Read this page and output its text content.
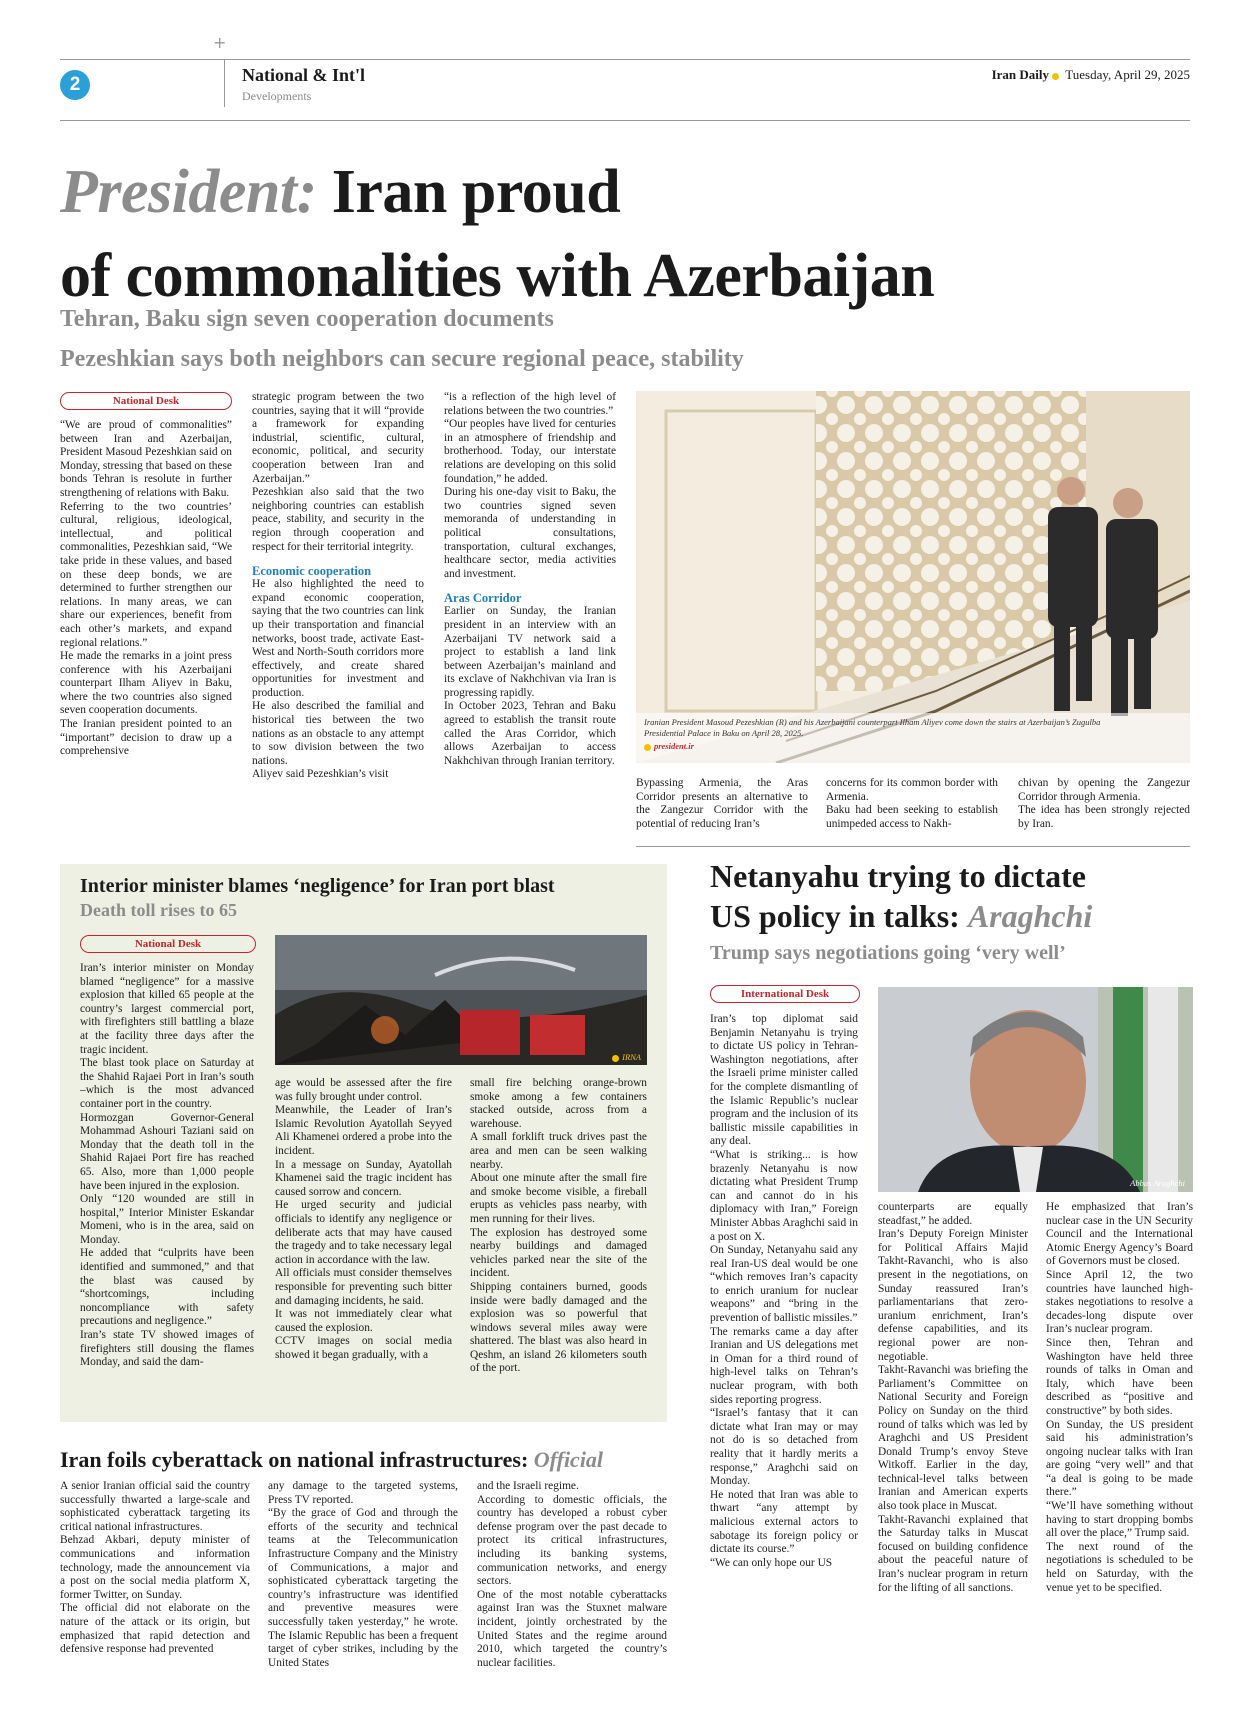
+
2	National & Int'l
Developments
Iran Daily Tuesday, April 29, 2025
President: Iran proud
of commonalities with Azerbaijan
Tehran, Baku sign seven cooperation documents
Pezeshkian says both neighbors can secure regional peace, stability
National Desk

“We are proud of commonalities” between Iran and Azerbaijan, President Masoud Pezeshkian said on Monday, stressing that based on these bonds Tehran is resolute in further strengthening of relations with Baku.

Referring to the two countries’ cultural, religious, ideological, intellectual, and political commonalities, Pezeshkian said, “We take pride in these values, and based on these deep bonds, we are determined to further strengthen our relations. In many areas, we can share our experiences, benefit from each other’s markets, and expand regional relations.”

He made the remarks in a joint press conference with his Azerbaijani counterpart Ilham Aliyev in Baku, where the two countries also signed seven cooperation documents.

The Iranian president pointed to an “important” decision to draw up a comprehensive

strategic program between the two countries, saying that it will “provide a framework for expanding industrial, scientific, cultural, economic, political, and security cooperation between Iran and Azerbaijan.”

Pezeshkian also said that the two neighboring countries can establish peace, stability, and security in the region through cooperation and respect for their territorial integrity.

Economic cooperation

He also highlighted the need to expand economic cooperation, saying that the two countries can link up their transportation and financial networks, boost trade, activate East-West and North-South corridors more effectively, and create shared opportunities for investment and production.

He also described the familial and historical ties between the two nations as an obstacle to any attempt to sow division between the two nations.

Aliyev said Pezeshkian’s visit

“is a reflection of the high level of relations between the two countries.”

“Our peoples have lived for centuries in an atmosphere of friendship and brotherhood. Today, our interstate relations are developing on this solid foundation,” he added.

During his one-day visit to Baku, the two countries signed seven memoranda of understanding in political consultations, transportation, cultural exchanges, healthcare sector, media activities and investment.

Aras Corridor

Earlier on Sunday, the Iranian president in an interview with an Azerbaijani TV network said a project to establish a land link between Azerbaijan’s mainland and its exclave of Nakhchivan via Iran is progressing rapidly.

In October 2023, Tehran and Baku agreed to establish the transit route called the Aras Corridor, which allows Azerbaijan to access Nakhchivan through Iranian territory.

Iranian President Masoud Pezeshkian (R) and his Azerbaijani counterpart Ilham Aliyev come down the stairs at Azerbaijan’s Zugulba Presidential Palace in Baku on April 28, 2025.
president.ir

Bypassing Armenia, the Aras Corridor presents an alternative to the Zangezur Corridor with the potential of reducing Iran’s

concerns for its common border with Armenia.

Baku had been seeking to establish unimpeded access to Nakh-

chivan by opening the Zangezur Corridor through Armenia.

The idea has been strongly rejected by Iran.

Interior minister blames ‘negligence’ for Iran port blast
Death toll rises to 65
National Desk
IRNA

Iran’s interior minister on Monday blamed “negligence” for a massive explosion that killed 65 people at the country’s largest commercial port, with firefighters still battling a blaze at the facility three days after the tragic incident.

The blast took place on Saturday at the Shahid Rajaei Port in Iran’s south –which is the most advanced container port in the country.

Hormozgan Governor-General Mohammad Ashouri Taziani said on Monday that the death toll in the Shahid Rajaei Port fire has reached 65. Also, more than 1,000 people have been injured in the explosion.

Only “120 wounded are still in hospital,” Interior Minister Eskandar Momeni, who is in the area, said on Monday.

He added that “culprits have been identified and summoned,” and that the blast was caused by “shortcomings, including noncompliance with safety precautions and negligence.”

Iran’s state TV showed images of firefighters still dousing the flames Monday, and said the dam-

age would be assessed after the fire was fully brought under control.

Meanwhile, the Leader of Iran’s Islamic Revolution Ayatollah Seyyed Ali Khamenei ordered a probe into the incident.

In a message on Sunday, Ayatollah Khamenei said the tragic incident has caused sorrow and concern.

He urged security and judicial officials to identify any negligence or deliberate acts that may have caused the tragedy and to take necessary legal action in accordance with the law.

All officials must consider themselves responsible for preventing such bitter and damaging incidents, he said.

It was not immediately clear what caused the explosion.

CCTV images on social media showed it began gradually, with a

small fire belching orange-brown smoke among a few containers stacked outside, across from a warehouse.

A small forklift truck drives past the area and men can be seen walking nearby.

About one minute after the small fire and smoke become visible, a fireball erupts as vehicles pass nearby, with men running for their lives.

The explosion has destroyed some nearby buildings and damaged vehicles parked near the site of the incident.

Shipping containers burned, goods inside were badly damaged and the explosion was so powerful that windows several miles away were shattered. The blast was also heard in Qeshm, an island 26 kilometers south of the port.

Iran foils cyberattack on national infrastructures: Official

A senior Iranian official said the country successfully thwarted a large-scale and sophisticated cyberattack targeting its critical national infrastructures.

Behzad Akbari, deputy minister of communications and information technology, made the announcement via a post on the social media platform X, former Twitter, on Sunday.

The official did not elaborate on the nature of the attack or its origin, but emphasized that rapid detection and defensive response had prevented

any damage to the targeted systems, Press TV reported.

“By the grace of God and through the efforts of the security and technical teams at the Telecommunication Infrastructure Company and the Ministry of Communications, a major and sophisticated cyberattack targeting the country’s infrastructure was identified and preventive measures were successfully taken yesterday,” he wrote. The Islamic Republic has been a frequent target of cyber strikes, including by the United States

and the Israeli regime.

According to domestic officials, the country has developed a robust cyber defense program over the past decade to protect its critical infrastructures, including its banking systems, communication networks, and energy sectors.

One of the most notable cyberattacks against Iran was the Stuxnet malware incident, jointly orchestrated by the United States and the regime around 2010, which targeted the country’s nuclear facilities.

Netanyahu trying to dictate
US policy in talks: Araghchi
Trump says negotiations going ‘very well’
International Desk
Abbas Araghchi

Iran’s top diplomat said Benjamin Netanyahu is trying to dictate US policy in Tehran-Washington negotiations, after the Israeli prime minister called for the complete dismantling of the Islamic Republic’s nuclear program and the inclusion of its ballistic missile capabilities in any deal.

“What is striking... is how brazenly Netanyahu is now dictating what President Trump can and cannot do in his diplomacy with Iran,” Foreign Minister Abbas Araghchi said in a post on X.

On Sunday, Netanyahu said any real Iran-US deal would be one “which removes Iran’s capacity to enrich uranium for nuclear weapons” and “bring in the prevention of ballistic missiles.”

The remarks came a day after Iranian and US delegations met in Oman for a third round of high-level talks on Tehran’s nuclear program, with both sides reporting progress.

“Israel’s fantasy that it can dictate what Iran may or may not do is so detached from reality that it hardly merits a response,” Araghchi said on Monday.

He noted that Iran was able to thwart “any attempt by malicious external actors to sabotage its foreign policy or dictate its course.”

“We can only hope our US

counterparts are equally steadfast,” he added.

Iran’s Deputy Foreign Minister for Political Affairs Majid Takht-Ravanchi, who is also present in the negotiations, on Sunday reassured Iran’s parliamentarians that zero-uranium enrichment, Iran’s defense capabilities, and its regional power are non-negotiable.

Takht-Ravanchi was briefing the Parliament’s Committee on National Security and Foreign Policy on Sunday on the third round of talks which was led by Araghchi and US President Donald Trump’s envoy Steve Witkoff. Earlier in the day, technical-level talks between Iranian and American experts also took place in Muscat.

Takht-Ravanchi explained that the Saturday talks in Muscat focused on building confidence about the peaceful nature of Iran’s nuclear program in return for the lifting of all sanctions.

He emphasized that Iran’s nuclear case in the UN Security Council and the International Atomic Energy Agency’s Board of Governors must be closed.

Since April 12, the two countries have launched high-stakes negotiations to resolve a decades-long dispute over Iran’s nuclear program.

Since then, Tehran and Washington have held three rounds of talks in Oman and Italy, which have been described as “positive and constructive” by both sides.

On Sunday, the US president said his administration’s ongoing nuclear talks with Iran are going “very well” and that “a deal is going to be made there.”

“We’ll have something without having to start dropping bombs all over the place,” Trump said.

The next round of the negotiations is scheduled to be held on Saturday, with the venue yet to be specified.
